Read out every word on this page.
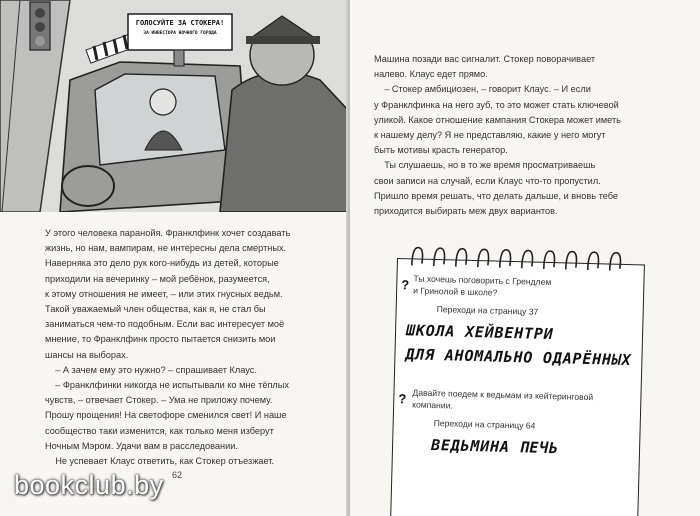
ГОЛОСУЙТЕ ЗА СТОКЕРА!
ЗА ИНВЕСТОРА НОЧНОГО ГОРОДА

У этого человека паранойя. Франклфинк хочет создавать

жизнь, но нам, вампирам, не интересны дела смертных.

Наверняка это дело рук кого-нибудь из детей, которые

приходили на вечеринку – мой ребёнок, разумеется,

к этому отношения не имеет, – или этих гнусных ведьм.

Такой уважаемый член общества, как я, не стал бы

заниматься чем-то подобным. Если вас интересует моё

мнение, то Франклфинк просто пытается снизить мои

шансы на выборах.

– А зачем ему это нужно? – спрашивает Клаус.

– Франклфинки никогда не испытывали ко мне тёплых

чувств, – отвечает Стокер. – Ума не приложу почему.

Прошу прощения! На светофоре сменился свет! И наше

сообщество таки изменится, как только меня изберут

Ночным Мэром. Удачи вам в расследовании.

Не успевает Клаус ответить, как Стокер отъезжает.

62

Машина позади вас сигналит. Стокер поворачивает

налево. Клаус едет прямо.

– Стокер амбициозен, – говорит Клаус. – И если

у Франклфинка на него зуб, то это может стать ключевой

уликой. Какое отношение кампания Стокера может иметь

к нашему делу? Я не представляю, какие у него могут

быть мотивы красть генератор.

Ты слушаешь, но в то же время просматриваешь

свои записи на случай, если Клаус что-то пропустил.

Пришло время решать, что делать дальше, и вновь тебе

приходится выбирать меж двух вариантов.

? Ты хочешь поговорить с Грендлем
и Гринолой в школе?
Переходи на страницу 37
ШКОЛА ХЕЙВЕНТРИ
ДЛЯ АНОМАЛЬНО ОДАРЁННЫХ
? Давайте поедем к ведьмам из кейтеринговой
компании.
Переходи на страницу 64
ВЕДЬМИНА ПЕЧЬ
bookclub.by
